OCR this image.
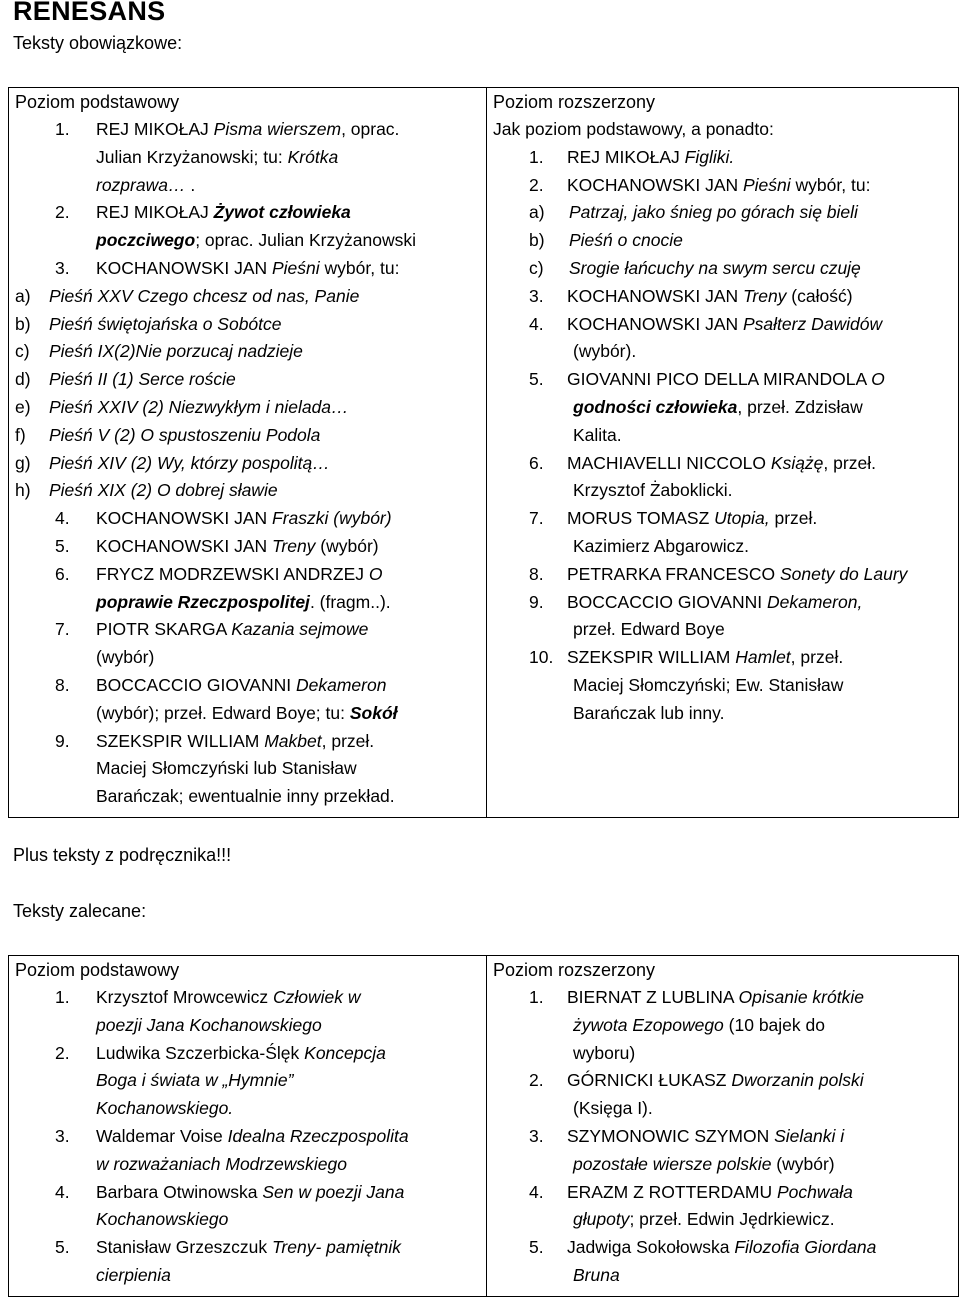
RENESANS
Teksty obowiązkowe:
Poziom podstawowy
1. REJ MIKOŁAJ Pisma wierszem, oprac.
Julian Krzyżanowski; tu: Krótka
rozprawa… .
2. REJ MIKOŁAJ Żywot człowieka
poczciwego; oprac. Julian Krzyżanowski
3. KOCHANOWSKI JAN Pieśni wybór, tu:
a) Pieśń XXV Czego chcesz od nas, Panie
b) Pieśń świętojańska o Sobótce
c) Pieśń IX(2)Nie porzucaj nadzieje
d) Pieśń II (1) Serce roście
e) Pieśń XXIV (2) Niezwykłym i nielada…
f) Pieśń V (2) O spustoszeniu Podola
g) Pieśń XIV (2) Wy, którzy pospolitą…
h) Pieśń XIX (2) O dobrej sławie
4. KOCHANOWSKI JAN Fraszki (wybór)
5. KOCHANOWSKI JAN Treny (wybór)
6. FRYCZ MODRZEWSKI ANDRZEJ O
poprawie Rzeczpospolitej. (fragm..).
7. PIOTR SKARGA Kazania sejmowe
(wybór)
8. BOCCACCIO GIOVANNI Dekameron
(wybór); przeł. Edward Boye; tu: Sokół
9. SZEKSPIR WILLIAM Makbet, przeł.
Maciej Słomczyński lub Stanisław
Barańczak; ewentualnie inny przekład.

Poziom rozszerzony
Jak poziom podstawowy, a ponadto:
1. REJ MIKOŁAJ Figliki.
2. KOCHANOWSKI JAN Pieśni wybór, tu:
a) Patrzaj, jako śnieg po górach się bieli
b) Pieśń o cnocie
c) Srogie łańcuchy na swym sercu czuję
3. KOCHANOWSKI JAN Treny (całość)
4. KOCHANOWSKI JAN Psałterz Dawidów
(wybór).
5. GIOVANNI PICO DELLA MIRANDOLA O
godności człowieka, przeł. Zdzisław
Kalita.
6. MACHIAVELLI NICCOLO Książę, przeł.
Krzysztof Żaboklicki.
7. MORUS TOMASZ Utopia, przeł.
Kazimierz Abgarowicz.
8. PETRARKA FRANCESCO Sonety do Laury
9. BOCCACCIO GIOVANNI Dekameron,
przeł. Edward Boye
10. SZEKSPIR WILLIAM Hamlet, przeł.
Maciej Słomczyński; Ew. Stanisław
Barańczak lub inny.
Plus teksty z podręcznika!!!
Teksty zalecane:
Poziom podstawowy
1. Krzysztof Mrowcewicz Człowiek w
poezji Jana Kochanowskiego
2. Ludwika Szczerbicka-Ślęk Koncepcja
Boga i świata w „Hymnie”
Kochanowskiego.
3. Waldemar Voise Idealna Rzeczpospolita
w rozważaniach Modrzewskiego
4. Barbara Otwinowska Sen w poezji Jana
Kochanowskiego
5. Stanisław Grzeszczuk Treny- pamiętnik
cierpienia

Poziom rozszerzony
1. BIERNAT Z LUBLINA Opisanie krótkie
żywota Ezopowego (10 bajek do
wyboru)
2. GÓRNICKI ŁUKASZ Dworzanin polski
(Księga I).
3. SZYMONOWIC SZYMON Sielanki i
pozostałe wiersze polskie (wybór)
4. ERAZM Z ROTTERDAMU Pochwała
głupoty; przeł. Edwin Jędrkiewicz.
5. Jadwiga Sokołowska Filozofia Giordana
Bruna
